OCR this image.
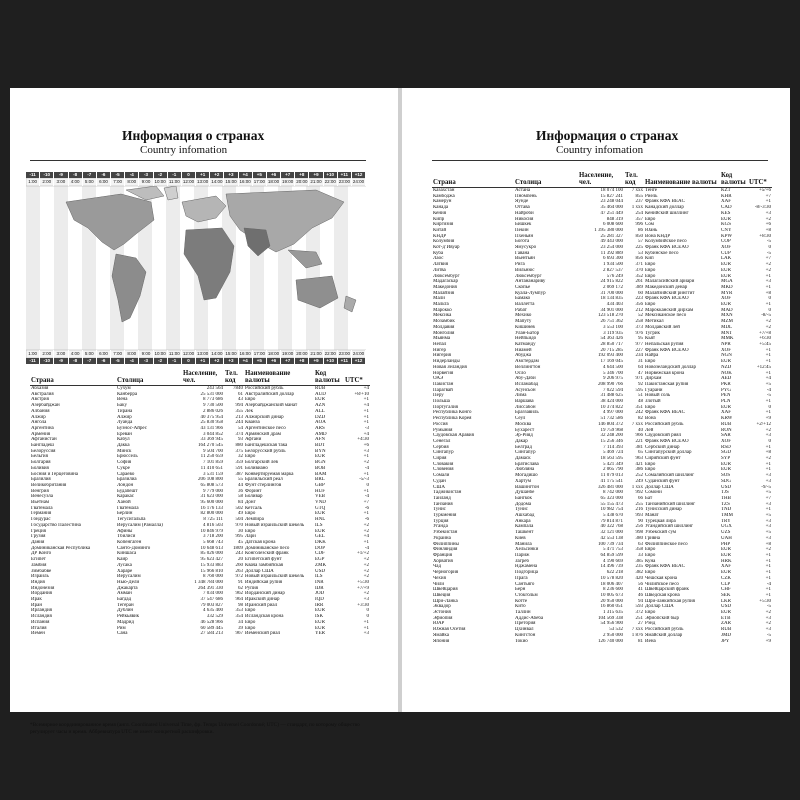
Информация о странах
Country infomation
-11
1:00
-10
2:00
-9
3:00
-8
4:00
-7
5:00
-6
6:00
-5
7:00
-4
8:00
-3
9:00
-2
10:00
-1
11:00
0
12:00
+1
13:00
+2
14:00
+3
15:00
+4
16:00
+5
17:00
+6
18:00
+7
19:00
+8
20:00
+9
21:00
+10
22:00
+11
23:00
+12
24:00
1:00
-11
2:00
-10
3:00
-9
4:00
-8
5:00
-7
6:00
-6
7:00
-5
8:00
-4
9:00
-3
10:00
-2
11:00
-1
12:00
0
13:00
+1
14:00
+2
15:00
+3
16:00
+4
17:00
+5
18:00
+6
19:00
+7
20:00
+8
21:00
+9
22:00
+10
23:00
+11
24:00
+12
Страна	Столица	Население, чел.	Тел. код	Наименование валюты	Код валюты	UTC*
Абхазия	Сухум	243 564	7840	Российский рубль	RUB	+4
Австралия	Канберра	25 531 000	61	Австралийский доллар	AUD	+8/+10
Австрия	Вена	8 773 686	43	Евро	EUR	+1
Азербайджан	Баку	9 730 500	994	Азербайджанский манат	AZN	+4
Албания	Тирана	2 886 026	355	Лек	ALL	+1
Алжир	Алжир	40 375 954	213	Алжирский динар	DZD	+1
Ангола	Луанда	25 830 958	244	Кванза	AOA	+1
Аргентина	Буэнос-Айрес	43 131 966	54	Аргентинское песо	ARS	-3
Армения	Ереван	3 044 852	374	Армянский драм	AMD	+4
Афганистан	Кабул	33 369 945	93	Афгани	AFN	+4:30
Бангладеш	Дакка	164 270 545	880	Бангладешская така	BDT	+6
Белоруссия	Минск	9 504 700	375	Белорусский рубль	BYN	+3
Бельгия	Брюссель	11 250 659	32	Евро	EUR	+1
Болгария	София	7 101 859	359	Болгарский лев	BGN	+2
Боливия	Сукре	11 410 651	591	Боливиано	BOB	-4
Босния и Герцеговина	Сараево	3 531 159	387	Конвертируемая марка	BAM	+1
Бразилия	Бразилиа	206 108 800	55	Бразильский реал	BRL	-5/-3
Великобритания	Лондон	65 808 573	44	Фунт стерлингов	GBP	0
Венгрия	Будапешт	9 779 000	36	Форинт	HUF	+1
Венесуэла	Каракас	31 623 000	58	Боливар	VEB	-4
Вьетнам	Ханой	95 600 000	84	Донг	VND	+7
Гватемала	Гватемала	16 176 133	502	Кетсаль	GTQ	-6
Германия	Берлин	82 800 000	49	Евро	EUR	+1
Гондурас	Тегусигальпа	8 725 111	504	Лемпира	HNL	-6
Государство Палестина	Иерусалим (Рамалла)	4 816 503	970	Новый израильский шекель	ILS	+2
Греция	Афины	10 846 979	30	Евро	EUR	+2
Грузия	Тбилиси	3 718 200	995	Лари	GEL	+4
Дания	Копенгаген	5 668 743	45	Датская крона	DKK	+1
Доминиканская Республика	Санто-Доминго	10 648 613	1809	Доминиканское песо	DOP	-4
ДР Конго	Киншаса	85 026 000	243	Конголезский франк	CDF	+1/+2
Египет	Каир	95 623 427	20	Египетский фунт	EGP	+2
Замбия	Лусака	15 933 883	260	Квача замбийская	ZMK	+2
Зимбабве	Хараре	15 966 810	263	Доллар США	USD	+2
Израиль	Иерусалим	8 760 000	972	Новый израильский шекель	ILS	+2
Индия	Нью-Дели	1 348 784 000	91	Индийская рупия	INR	+5:30
Индонезия	Джакарта	264 391 330	62	Рупия	IDR	+7/+9
Иордания	Амман	7 034 000	962	Иорданский динар	JOD	+2
Ирак	Багдад	37 547 686	964	Иракский динар	IQD	+3
Иран	Тегеран	79 003 827	98	Иранский риал	IRR	+3:30
Ирландия	Дублин	4 635 400	353	Евро	EUR	0
Исландия	Рейкьявик	332 529	354	Исландская крона	ISK	0
Испания	Мадрид	46 528 966	34	Евро	EUR	+1
Италия	Рим	60 589 445	39	Евро	EUR	+1
Йемен	Сана	27 584 213	967	Йеменский риал	YER	+3
*Всемирное координированное время (англ. Coordinated Universal Time, фр. Temps Universel Coordonné; UTC) — стандарт, по которому общество регулирует часы и время. Аббревиатура UTC не имеет конкретной расшифровки.
Информация о странах
Country infomation
Страна	Столица	Население, чел.	Тел. код	Наименование валюты	Код валюты	UTC*
Казахстан	Астана	18 074 100	7 xxx	Тенге	KZT	+5/+6
Камбоджа	Пномпень	15 827 241	855	Риель	KHR	+7
Камерун	Яунде	23 248 044	237	Франк КФА BEAC	XAF	+1
Канада	Оттава	35 464 000	1 xxx	Канадский доллар	CAD	-8/-3:30
Кения	Найроби	47 251 449	254	Кенийский шиллинг	KES	+3
Кипр	Никосия	848 319	357	Евро	EUR	+2
Киргизия	Бишкек	6 008 600	996	Сом	KGS	+6
Китай	Пекин	1 395 380 000	86	Юань	CNY	+8
КНДР	Пхеньян	25 281 327	850	Вона КНДР	KPW	+8:30
Колумбия	Богота	49 443 000	57	Колумбийское песо	COP	-5
Кот-д’Ивуар	Ямусукро	23 254 000	225	Франк КФА BCEAO	XOF	0
Куба	Гавана	11 392 889	53	Кубинское песо	CUP	-5
Лаос	Вьентьян	6 693 300	856	Кип	LAK	+7
Латвия	Рига	1 934 500	371	Евро	EUR	+2
Литва	Вильнюс	2 827 537	370	Евро	EUR	+2
Люксембург	Люксембург	576 249	352	Евро	EUR	+1
Мадагаскар	Антананариву	24 915 822	261	Малагасийский ариари	MGA	+3
Македония	Скопье	2 069 172	389	Македонский денар	MKD	+1
Малайзия	Куала-Лумпур	31 700 000	60	Малайзийский ринггит	MYR	+8
Мали	Бамако	18 134 835	223	Франк КФА BCEAO	XOF	0
Мальта	Валлетта	434 403	356	Евро	EUR	+1
Марокко	Рабат	34 901 000	212	Марокканский дирхам	MAD	0
Мексика	Мехико	123 518 270	52	Мексиканское песо	MXN	-8/-5
Мозамбик	Мапуту	26 751 362	258	Метикал	MZM	+2
Молдавия	Кишинёв	3 553 100	373	Молдавский лей	MDL	+2
Монголия	Улан-Батор	3 119 935	976	Тугрик	MNT	+7/+8
Мьянма	Нейпьидо	54 363 426	95	Кьят	MMK	+6:30
Непал	Катманду	28 850 717	977	Непальская рупия	NPR	+5:45
Нигер	Ниамей	20 715 285	227	Франк КФА BCEAO	XOF	+1
Нигерия	Абуджа	192 093 400	234	Найра	NGN	+1
Нидерланды	Амстердам	17 169 045	31	Евро	EUR	+1
Новая Зеландия	Веллингтон	4 644 500	64	Новозеландский доллар	NZD	+12:45
Норвегия	Осло	5 346 700	47	Норвежская крона	NOK	+1
ОАЭ	Абу-Даби	9 206 975	971	Дирхам	AED	+4
Пакистан	Исламабад	208 990 766	92	Пакистанская рупия	PKR	+5
Парагвай	Асунсьон	7 022 594	595	Гуарани	PYG	-4
Перу	Лима	31 488 625	51	Новый соль	PEN	-5
Польша	Варшава	38 424 000	48	Злотый	PLN	+1
Португалия	Лиссабон	10 374 822	351	Евро	EUR	0
Республика Конго	Браззавиль	4 997 000	242	Франк КФА BEAC	XAF	+1
Республика Корея	Сеул	51 732 586	82	Вона	KRW	+9
Россия	Москва	146 804 372	7 xxx	Российский рубль	RUB	+2/+12
Румыния	Бухарест	19 759 968	40	Лей	RON	+2
Саудовская Аравия	Эр-Рияд	32 248 200	966	Саудовский риял	SAR	+3
Сенегал	Дакар	15 256 346	221	Франк КФА BCEAO	XOF	0
Сербия	Белград	7 114 393	381	Сербский динар	RSD	+1
Сингапур	Сингапур	5 469 724	65	Сингапурский доллар	SGD	+8
Сирия	Дамаск	18 563 595	963	Сирийский фунт	SYP	+2
Словакия	Братислава	5 421 349	421	Евро	EUR	+1
Словения	Любляна	2 065 790	386	Евро	EUR	+1
Сомали	Могадишо	11 079 013	252	Сомалийский шиллинг	SOS	+3
Судан	Хартум	41 175 541	249	Суданский фунт	SDG	+3
США	Вашингтон	326 481 000	1 xxx	Доллар США	USD	-9/-5
Таджикистан	Душанбе	8 742 000	992	Сомони	TJS	+5
Таиланд	Бангкок	65 323 000	66	Бат	THB	+7
Танзания	Додома	55 155 473	255	Танзанийский шиллинг	TZS	+3
Тунис	Тунис	10 982 754	216	Тунисский динар	TND	+1
Туркмения	Ашхабад	5 438 670	993	Манат	TMM	+5
Турция	Анкара	79 814 871	90	Турецкая лира	TRY	+3
Уганда	Кампала	40 322 768	256	Угандийский шиллинг	UGX	+3
Узбекистан	Ташкент	32 121 000	998	Узбекский сум	UZS	+5
Украина	Киев	42 553 138	380	Гривна	UAH	+3
Филиппины	Манила	100 739 734	63	Филиппинское песо	PHP	+8
Финляндия	Хельсинки	5 471 753	358	Евро	EUR	+2
Франция	Париж	64 859 599	33	Евро	EUR	+1
Хорватия	Загреб	4 190 669	385	Куна	HRK	+1
Чад	Нджамена	14 496 739	235	Франк КФА BEAC	XAF	+1
Черногория	Подгорица	622 218	382	Евро	EUR	+1
Чехия	Прага	10 578 820	420	Чешская крона	CZK	+1
Чили	Сантьяго	18 006 407	56	Чилийское песо	CLP	-4
Швейцария	Берн	8 236 600	41	Швейцарский франк	CHF	+1
Швеция	Стокгольм	10 005 673	46	Шведская крона	SEK	+1
Шри-Ланка	Котте	20 950 000	94	Шри-ланкийская рупия	LKR	+5:30
Эквадор	Кито	16 860 051	593	Доллар США	USD	-5
Эстония	Таллин	1 315 635	372	Евро	EUR	+2
Эфиопия	Аддис-Абеба	104 569 338	251	Эфиопский быр	ETB	+3
ЮАР	Претория	54 956 900	27	Рэнд	ZAR	+2
Южная Осетия	Цхинвал	53 532	7 xxx	Российский рубль	RUB	+3
Ямайка	Кингстон	2 950 000	1 876	Ямайский доллар	JMD	-5
Япония	Токио	126 740 000	81	Иена	JPY	+9
